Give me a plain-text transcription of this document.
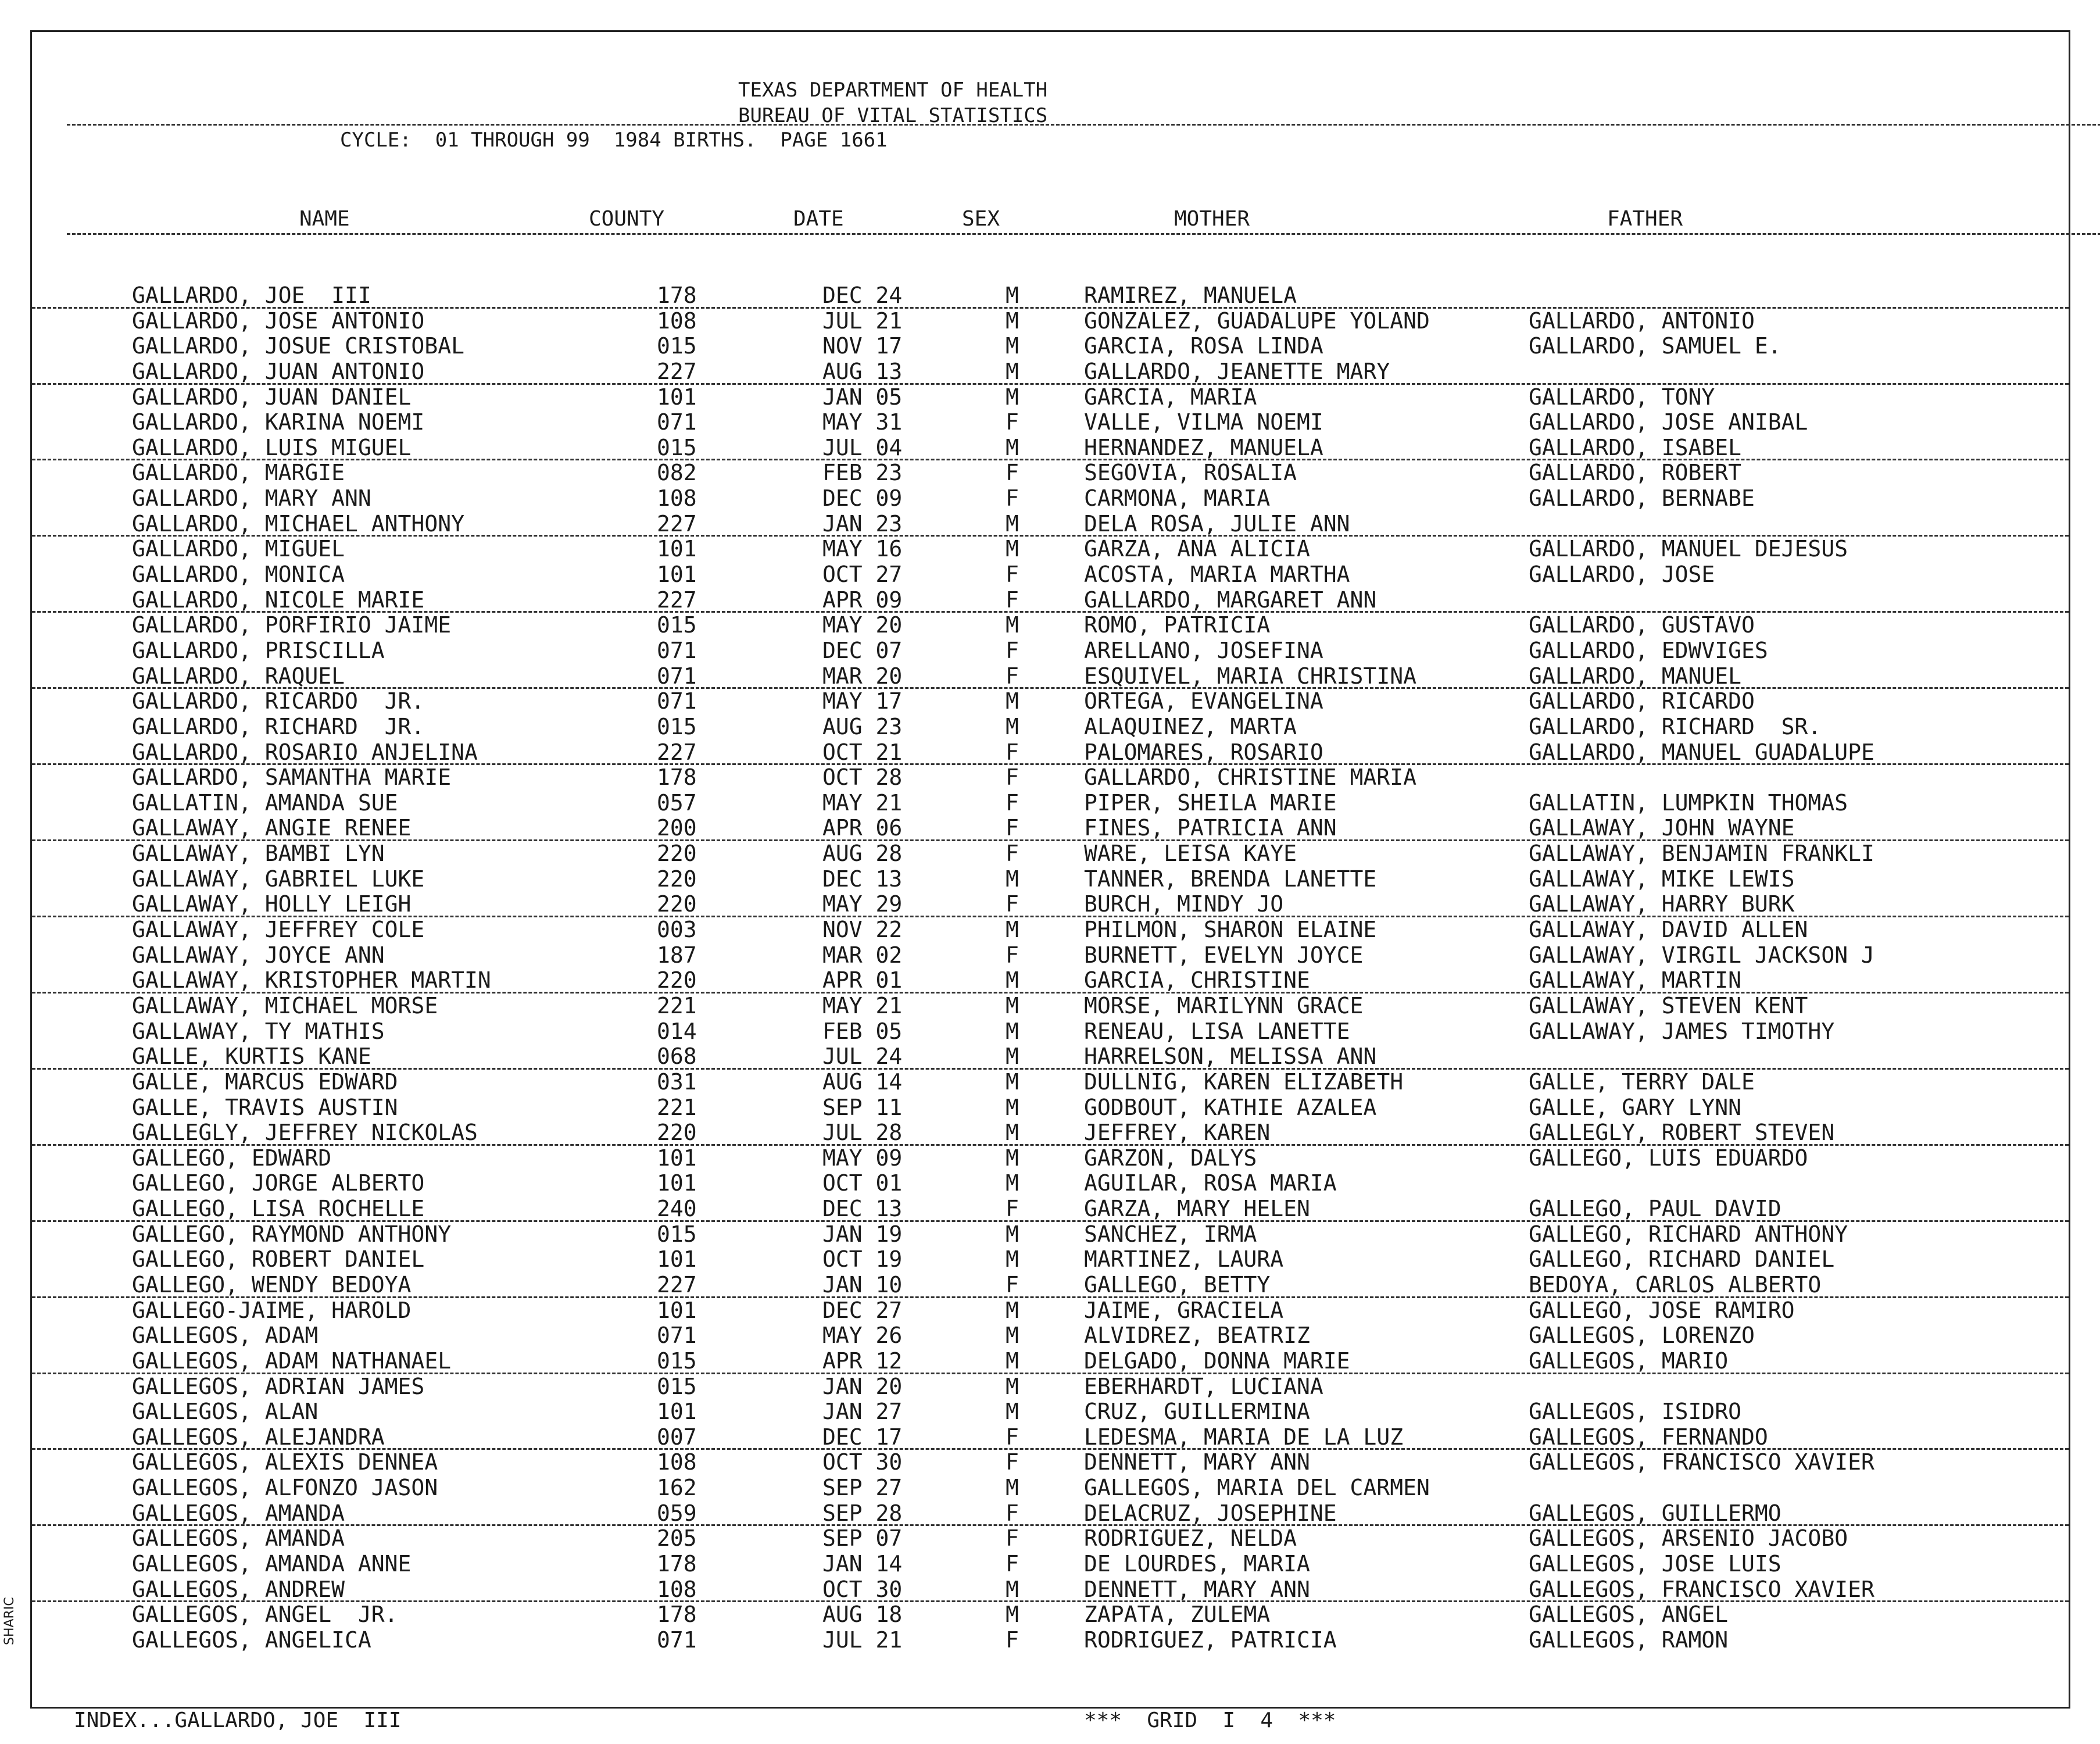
TEXAS DEPARTMENT OF HEALTH
BUREAU OF VITAL STATISTICS
CYCLE:  01 THROUGH 99  1984 BIRTHS.  PAGE 1661
NAME	COUNTY	DATE	SEX	MOTHER	FATHER
GALLARDO, JOE  III	178	DEC 24	M	RAMIREZ, MANUELA
GALLARDO, JOSE ANTONIO	108	JUL 21	M	GONZALEZ, GUADALUPE YOLAND	GALLARDO, ANTONIO
GALLARDO, JOSUE CRISTOBAL	015	NOV 17	M	GARCIA, ROSA LINDA	GALLARDO, SAMUEL E.
GALLARDO, JUAN ANTONIO	227	AUG 13	M	GALLARDO, JEANETTE MARY
GALLARDO, JUAN DANIEL	101	JAN 05	M	GARCIA, MARIA	GALLARDO, TONY
GALLARDO, KARINA NOEMI	071	MAY 31	F	VALLE, VILMA NOEMI	GALLARDO, JOSE ANIBAL
GALLARDO, LUIS MIGUEL	015	JUL 04	M	HERNANDEZ, MANUELA	GALLARDO, ISABEL
GALLARDO, MARGIE	082	FEB 23	F	SEGOVIA, ROSALIA	GALLARDO, ROBERT
GALLARDO, MARY ANN	108	DEC 09	F	CARMONA, MARIA	GALLARDO, BERNABE
GALLARDO, MICHAEL ANTHONY	227	JAN 23	M	DELA ROSA, JULIE ANN
GALLARDO, MIGUEL	101	MAY 16	M	GARZA, ANA ALICIA	GALLARDO, MANUEL DEJESUS
GALLARDO, MONICA	101	OCT 27	F	ACOSTA, MARIA MARTHA	GALLARDO, JOSE
GALLARDO, NICOLE MARIE	227	APR 09	F	GALLARDO, MARGARET ANN
GALLARDO, PORFIRIO JAIME	015	MAY 20	M	ROMO, PATRICIA	GALLARDO, GUSTAVO
GALLARDO, PRISCILLA	071	DEC 07	F	ARELLANO, JOSEFINA	GALLARDO, EDWVIGES
GALLARDO, RAQUEL	071	MAR 20	F	ESQUIVEL, MARIA CHRISTINA	GALLARDO, MANUEL
GALLARDO, RICARDO  JR.	071	MAY 17	M	ORTEGA, EVANGELINA	GALLARDO, RICARDO
GALLARDO, RICHARD  JR.	015	AUG 23	M	ALAQUINEZ, MARTA	GALLARDO, RICHARD  SR.
GALLARDO, ROSARIO ANJELINA	227	OCT 21	F	PALOMARES, ROSARIO	GALLARDO, MANUEL GUADALUPE
GALLARDO, SAMANTHA MARIE	178	OCT 28	F	GALLARDO, CHRISTINE MARIA
GALLATIN, AMANDA SUE	057	MAY 21	F	PIPER, SHEILA MARIE	GALLATIN, LUMPKIN THOMAS
GALLAWAY, ANGIE RENEE	200	APR 06	F	FINES, PATRICIA ANN	GALLAWAY, JOHN WAYNE
GALLAWAY, BAMBI LYN	220	AUG 28	F	WARE, LEISA KAYE	GALLAWAY, BENJAMIN FRANKLI
GALLAWAY, GABRIEL LUKE	220	DEC 13	M	TANNER, BRENDA LANETTE	GALLAWAY, MIKE LEWIS
GALLAWAY, HOLLY LEIGH	220	MAY 29	F	BURCH, MINDY JO	GALLAWAY, HARRY BURK
GALLAWAY, JEFFREY COLE	003	NOV 22	M	PHILMON, SHARON ELAINE	GALLAWAY, DAVID ALLEN
GALLAWAY, JOYCE ANN	187	MAR 02	F	BURNETT, EVELYN JOYCE	GALLAWAY, VIRGIL JACKSON J
GALLAWAY, KRISTOPHER MARTIN	220	APR 01	M	GARCIA, CHRISTINE	GALLAWAY, MARTIN
GALLAWAY, MICHAEL MORSE	221	MAY 21	M	MORSE, MARILYNN GRACE	GALLAWAY, STEVEN KENT
GALLAWAY, TY MATHIS	014	FEB 05	M	RENEAU, LISA LANETTE	GALLAWAY, JAMES TIMOTHY
GALLE, KURTIS KANE	068	JUL 24	M	HARRELSON, MELISSA ANN
GALLE, MARCUS EDWARD	031	AUG 14	M	DULLNIG, KAREN ELIZABETH	GALLE, TERRY DALE
GALLE, TRAVIS AUSTIN	221	SEP 11	M	GODBOUT, KATHIE AZALEA	GALLE, GARY LYNN
GALLEGLY, JEFFREY NICKOLAS	220	JUL 28	M	JEFFREY, KAREN	GALLEGLY, ROBERT STEVEN
GALLEGO, EDWARD	101	MAY 09	M	GARZON, DALYS	GALLEGO, LUIS EDUARDO
GALLEGO, JORGE ALBERTO	101	OCT 01	M	AGUILAR, ROSA MARIA
GALLEGO, LISA ROCHELLE	240	DEC 13	F	GARZA, MARY HELEN	GALLEGO, PAUL DAVID
GALLEGO, RAYMOND ANTHONY	015	JAN 19	M	SANCHEZ, IRMA	GALLEGO, RICHARD ANTHONY
GALLEGO, ROBERT DANIEL	101	OCT 19	M	MARTINEZ, LAURA	GALLEGO, RICHARD DANIEL
GALLEGO, WENDY BEDOYA	227	JAN 10	F	GALLEGO, BETTY	BEDOYA, CARLOS ALBERTO
GALLEGO-JAIME, HAROLD	101	DEC 27	M	JAIME, GRACIELA	GALLEGO, JOSE RAMIRO
GALLEGOS, ADAM	071	MAY 26	M	ALVIDREZ, BEATRIZ	GALLEGOS, LORENZO
GALLEGOS, ADAM NATHANAEL	015	APR 12	M	DELGADO, DONNA MARIE	GALLEGOS, MARIO
GALLEGOS, ADRIAN JAMES	015	JAN 20	M	EBERHARDT, LUCIANA
GALLEGOS, ALAN	101	JAN 27	M	CRUZ, GUILLERMINA	GALLEGOS, ISIDRO
GALLEGOS, ALEJANDRA	007	DEC 17	F	LEDESMA, MARIA DE LA LUZ	GALLEGOS, FERNANDO
GALLEGOS, ALEXIS DENNEA	108	OCT 30	F	DENNETT, MARY ANN	GALLEGOS, FRANCISCO XAVIER
GALLEGOS, ALFONZO JASON	162	SEP 27	M	GALLEGOS, MARIA DEL CARMEN
GALLEGOS, AMANDA	059	SEP 28	F	DELACRUZ, JOSEPHINE	GALLEGOS, GUILLERMO
GALLEGOS, AMANDA	205	SEP 07	F	RODRIGUEZ, NELDA	GALLEGOS, ARSENIO JACOBO
GALLEGOS, AMANDA ANNE	178	JAN 14	F	DE LOURDES, MARIA	GALLEGOS, JOSE LUIS
GALLEGOS, ANDREW	108	OCT 30	M	DENNETT, MARY ANN	GALLEGOS, FRANCISCO XAVIER
GALLEGOS, ANGEL  JR.	178	AUG 18	M	ZAPATA, ZULEMA	GALLEGOS, ANGEL
GALLEGOS, ANGELICA	071	JUL 21	F	RODRIGUEZ, PATRICIA	GALLEGOS, RAMON
INDEX...GALLARDO, JOE  III	***  GRID  I  4  ***
SHARIC
